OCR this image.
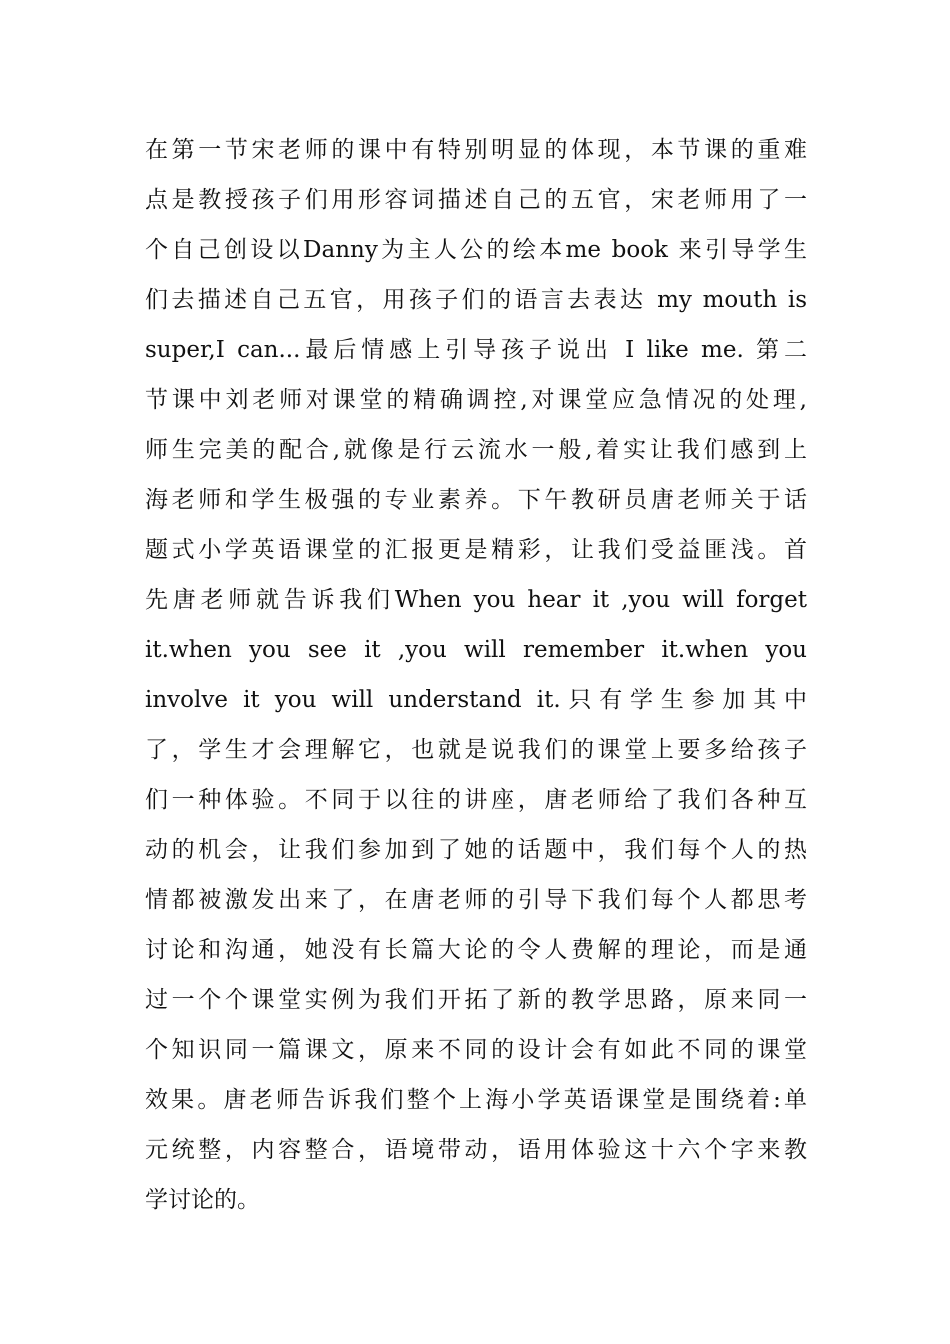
在第一节宋老师的课中有特别明显的体现，本节课的重难
点是教授孩子们用形容词描述自己的五官，宋老师用了一
个自己创设以Danny为主人公的绘本me book 来引导学生
们去描述自己五官，用孩子们的语言去表达 my mouth is
super,I can...最后情感上引导孩子说出 I like me. 第二
节课中刘老师对课堂的精确调控,对课堂应急情况的处理,
师生完美的配合,就像是行云流水一般,着实让我们感到上
海老师和学生极强的专业素养。下午教研员唐老师关于话
题式小学英语课堂的汇报更是精彩，让我们受益匪浅。首
先唐老师就告诉我们When you hear it ,you will forget
it.when you see it ,you will remember it.when you
involve it you will understand it.只有学生参加其中
了，学生才会理解它，也就是说我们的课堂上要多给孩子
们一种体验。不同于以往的讲座，唐老师给了我们各种互
动的机会，让我们参加到了她的话题中，我们每个人的热
情都被激发出来了，在唐老师的引导下我们每个人都思考
讨论和沟通，她没有长篇大论的令人费解的理论，而是通
过一个个课堂实例为我们开拓了新的教学思路，原来同一
个知识同一篇课文，原来不同的设计会有如此不同的课堂
效果。唐老师告诉我们整个上海小学英语课堂是围绕着:单
元统整，内容整合，语境带动，语用体验这十六个字来教
学讨论的。
